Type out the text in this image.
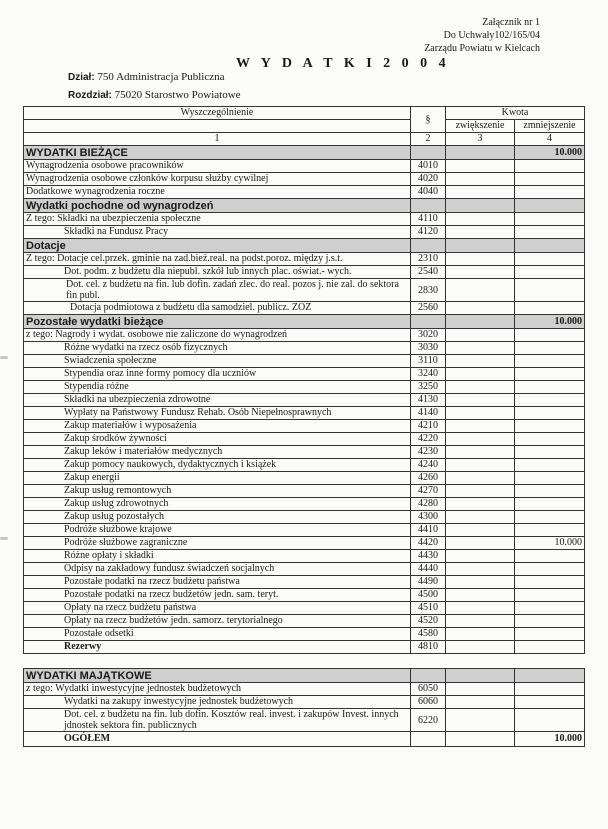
Załącznik nr 1
Do Uchwały102/165/04
Zarządu Powiatu w Kielcach
W Y D A T K I 2 0 0 4
Dział: 750 Administracja Publiczna
Rozdział: 75020 Starostwo Powiatowe
Wyszczególnienie	§	Kwota	
		zwiększenie	zmniejszenie
1	2	3	4
WYDATKI BIEŻĄCE			10.000
Wynagrodzenia osobowe pracowników	4010		
Wynagrodzenia osobowe członków korpusu służby cywilnej	4020		
Dodatkowe wynagrodzenia roczne	4040		
Wydatki pochodne od wynagrodzeń			
Z tego: Składki na ubezpieczenia społeczne	4110		
Składki na Fundusz Pracy	4120		
Dotacje			
Z tego: Dotacje cel.przek. gminie na zad.bież.real. na podst.poroz. między j.s.t.	2310		
Dot. podm. z budżetu dla niepubl. szkół lub innych plac. oświat.- wych.	2540		
Dot. cel. z budżetu na fin. lub dofin. zadań zlec. do real. pozos j. nie zal. do sektora fin publ.	2830		
Dotacja podmiotowa z budżetu dla samodziel. publicz. ZOZ	2560		
Pozostałe wydatki bieżące			10.000
z tego: Nagrody i wydat. osobowe nie zaliczone do wynagrodzeń	3020		
Różne wydatki na rzecz osób fizycznych	3030		
Świadczenia społeczne	3110		
Stypendia oraz inne formy pomocy dla uczniów	3240		
Stypendia różne	3250		
Składki na ubezpieczenia zdrowotne	4130		
Wypłaty na Państwowy Fundusz Rehab. Osób Niepełnosprawnych	4140		
Zakup materiałów i wyposażenia	4210		
Zakup środków żywności	4220		
Zakup leków i materiałów medycznych	4230		
Zakup pomocy naukowych, dydaktycznych i książek	4240		
Zakup energii	4260		
Zakup usług remontowych	4270		
Zakup usług zdrowotnych	4280		
Zakup usług pozostałych	4300		
Podróże służbowe krajowe	4410		
Podróże służbowe zagraniczne	4420		10.000
Różne opłaty i składki	4430		
Odpisy na zakładowy fundusz świadczeń socjalnych	4440		
Pozostałe podatki na rzecz budżetu państwa	4490		
Pozostałe podatki na rzecz budżetów jedn. sam. teryt.	4500		
Opłaty na rzecz budżetu państwa	4510		
Opłaty na rzecz budżetów jedn. samorz. terytorialnego	4520		
Pozostałe odsetki	4580		
Rezerwy	4810		

WYDATKI MAJĄTKOWE			
z tego: Wydatki inwestycyjne jednostek budżetowych	6050		
Wydatki na zakupy inwestycyjne jednostek budżetowych	6060		
Dot. cel. z budżetu na fin. lub dofin. Kosztów real. invest. i zakupów Invest. innych jdnostek sektora fin. publicznych	6220		
OGÓŁEM			10.000
